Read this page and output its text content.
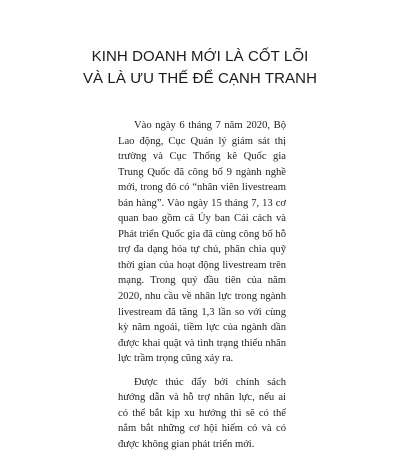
KINH DOANH MỚI LÀ CỐT LÕI
VÀ LÀ ƯU THẾ ĐỂ CẠNH TRANH

Vào ngày 6 tháng 7 năm 2020, Bộ Lao động, Cục Quản lý giám sát thị trường và Cục Thống kê Quốc gia Trung Quốc đã công bố 9 ngành nghề mới, trong đó có “nhân viên livestream bán hàng”. Vào ngày 15 tháng 7, 13 cơ quan bao gồm cả Ủy ban Cải cách và Phát triển Quốc gia đã cùng công bố hỗ trợ đa dạng hóa tự chủ, phân chia quỹ thời gian của hoạt động livestream trên mạng. Trong quý đầu tiên của năm 2020, nhu cầu về nhân lực trong ngành livestream đã tăng 1,3 lần so với cùng kỳ năm ngoái, tiềm lực của ngành dần được khai quật và tình trạng thiếu nhân lực trầm trọng cũng xảy ra.

Được thúc đẩy bởi chính sách hướng dẫn và hỗ trợ nhân lực, nếu ai có thể bắt kịp xu hướng thì sẽ có thể nắm bắt những cơ hội hiếm có và có được không gian phát triển mới.
